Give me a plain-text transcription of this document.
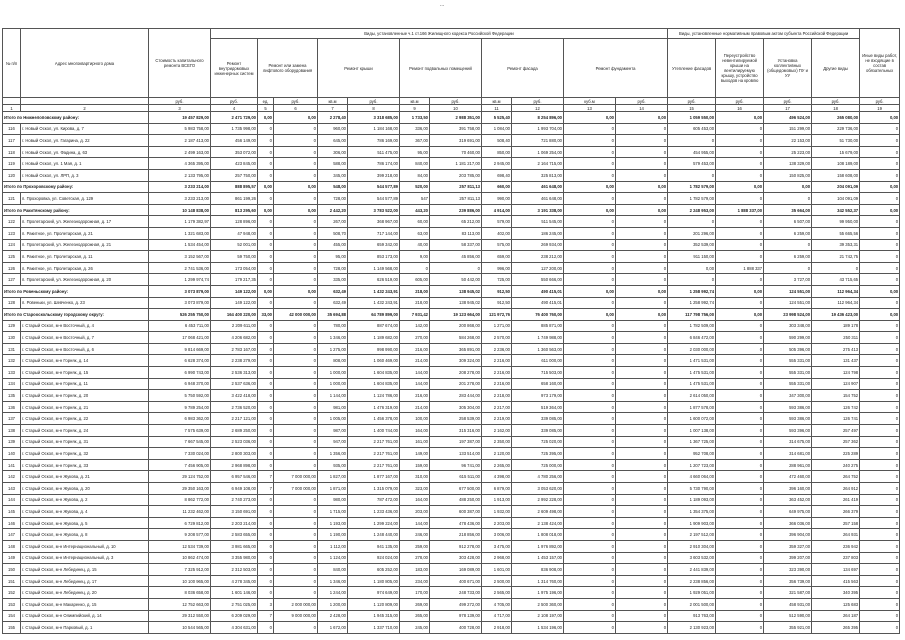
...
№ п/п	Адрес многоквартирного дома	Стоимость капитального ремонта ВСЕГО	Виды, установленные ч.1 ст.166 Жилищного кодекса Российской Федерации											Виды, установленные нормативным правовым актом субъекта Российской Федерации				Иные виды работ, не входящие в состав обязательных
			Ремонт внутридомовых инженерных систем	Ремонт или замена лифтового оборудования		Ремонт крыши		Ремонт подвальных помещений		Ремонт фасада		Ремонт фундамента		Утепление фасадов	Переустройство невентилируемой крыши на вентилируемую крышу, устройство выходов на кровлю	Установка коллективных (общедомовых) ПУ и УУ	Другие виды	
		руб.	руб.	ед.	руб.	кв.м	руб.	кв.м	руб.	кв.м	руб.	куб.м	руб.	руб.	руб.	руб.	руб.	руб.
1	2	3	4	5	6	7	8	9	10	11	12	13	14	15	16	17	18	19
Итого по Нижнелоповскому району:		19 457 829,00	2 471 729,00	0,00	0,00	2 278,40	3 318 685,00	1 733,50	2 988 351,00	5 525,40	8 254 896,00	0,00	0,00	1 059 550,00	0,00	496 524,00	265 080,00	0,00
116	г. Новый Оскол, ул. Кирова, д. 7	5 983 758,00	1 735 998,00	0	0	960,00	1 184 168,00	336,00	391 758,00	1 084,00	1 993 704,00	0	0	605 453,00	0	151 299,00	229 736,00	0
117	г. Новый Оскол, ул. Гагарина, д. 22	2 187 413,00	456 149,00	0	0	645,00	786 169,00	367,00	319 691,00	508,40	721 880,00	0	0	0	0	22 153,00	51 730,00	0
118	г. Новый Оскол, ул. Фадина, д. 63	2 499 163,00	353 072,00	0	0	306,00	511 475,00	95,00	70 460,00	850,00	1 069 254,00	0	0	454 955,00	0	25 223,00	15 679,00	0
119	г. Новый Оскол, ул. 1 Мая, д. 1	4 365 395,00	423 845,00	0	0	588,00	786 174,00	840,00	1 181 217,00	2 945,00	2 164 715,00	0	0	579 453,00	0	138 329,00	108 189,00	0
120	г. Новый Оскол, ул. ЛРП, д. 3	2 133 795,00	257 750,00	0	0	345,00	399 218,00	84,00	203 785,00	698,40	325 813,00	0	0	0	0	150 825,00	158 608,00	0
Итого по Прохоровскому району:		3 233 214,00	888 895,57	0,00	0,00	548,00	544 577,89	520,00	257 811,13	660,00	461 648,00	0,00	0,00	1 782 579,00	0,00	0,00	204 091,09	0,00
121	п. Прохоровка, ул. Советская, д. 129	3 233 213,00	861 199,26	0	0	728,00	544 577,89	547	257 811,13	990,00	461 648,00	0	0	1 782 579,00	0	0	104 091,09	0
Итого по Ракитянскому району:		10 148 838,00	813 295,60	0,00	0,00	2 442,20	3 783 522,00	443,20	239 886,00	4 914,00	3 191 338,00	0,00	0,00	2 248 953,00	1 888 337,00	35 664,00	342 552,37	0,00
122	п. Пролетарский, ул. Железнодорожная, д. 17	1 179 382,97	128 896,00	0	0	267,00	368 967,00	60,00	65 212,00	579,00	511 545,00	0	0	0	0	6 507,00	99 950,00	0
123	п. Ракитное, ул. Пролетарская, д. 21	1 321 683,00	47 948,00	0	0	508,70	717 144,00	63,00	83 113,00	402,00	186 245,00	0	0	201 296,00	0	6 259,00	55 665,56	0
124	п. Пролетарский, ул. Железнодорожная, д. 21	1 534 454,00	52 001,00	0	0	455,00	659 342,00	40,00	58 337,00	575,00	269 934,00	0	0	352 539,00	0	0	39 353,31	0
125	п. Ракитное, ул. Пролетарская, д. 11	3 152 567,00	59 750,00	0	0	95,00	853 173,00	9,00	45 856,00	659,00	238 212,00	0	0	911 150,00	0	6 259,00	21 742,75	0
126	п. Ракитное, ул. Пролетарская, д. 26	2 741 536,00	173 054,00	0	0	728,00	1 149 568,00	0	0	996,00	127 200,00	0	0	0,00	1 888 337	0	0	0
127	п. Пролетарский, ул. Железнодорожная, д. 20	1 299 974,74	179 217,35	0	0	335,00	626 519,00	605,00	50 442,00	725,00	550 666,00	0	0	0	0	3 727,00	43 715,65	0
Итого по Ровеньскому району:		3 073 879,00	149 122,00	0,00	0,00	632,49	1 432 243,91	218,00	138 945,02	912,50	490 415,01	0,00	0,00	1 258 992,74	0,00	124 551,00	112 964,34	0,00
128	п. Ровеньки, ул. Шевченко, д. 23	3 073 879,00	149 122,00	0	0	632,49	1 432 243,91	218,00	138 945,02	912,50	490 415,01	0	0	1 258 992,74	0	124 551,00	112 964,34	0
Итого по Старооскольскому городскому округу:		526 255 750,00	164 400 220,00	33,00	42 000 000,00	35 694,88	64 789 899,00	7 931,42	19 123 664,00	121 972,76	76 400 760,00	0,00	0,00	117 798 756,00	0,00	23 998 524,00	19 436 423,00	0,00
129	г. Старый Оскол, м-н Восточный, д. 4	6 453 711,00	2 209 611,00	0	0	780,00	887 674,00	142,00	200 868,00	1 271,00	885 871,00	0	0	1 782 509,00	0	303 348,00	189 178	0
130	г. Старый Оскол, м-н Восточный, д. 7	17 068 421,00	4 206 682,00	0	0	1 346,00	1 189 682,00	270,00	584 268,00	2 570,00	1 749 988,00	0	0	6 846 472,00	0	590 299,00	250 311	0
131	г. Старый Оскол, м-н Восточный, д. 6	9 814 669,00	2 783 167,00	0	0	1 275,00	998 990,00	216,00	365 891,00	2 236,00	1 360 563,00	0	0	2 030 000,00	0	505 396,00	275 413	0
132	г. Старый Оскол, м-н Горняк, д. 14	6 628 374,00	2 238 279,00	0	0	808,00	1 060 469,00	214,00	309 324,00	2 216,00	611 000,00	0	0	1 471 531,00	0	555 331,00	131 437	0
133	г. Старый Оскол, м-н Горняк, д. 15	6 990 743,00	2 536 313,00	0	0	1 000,00	1 604 835,00	144,00	208 278,00	2 216,00	715 503,00	0	0	1 475 531,00	0	555 331,00	124 798	0
134	г. Старый Оскол, м-н Горняк, д. 11	6 948 370,00	2 537 636,00	0	0	1 000,00	1 604 835,00	144,00	201 278,00	2 216,00	658 160,00	0	0	1 475 531,00	0	555 331,00	124 907	0
135	г. Старый Оскол, м-н Горняк, д. 20	5 750 592,00	3 422 418,00	0	0	1 144,00	1 124 786,00	216,00	283 444,00	2 218,00	973 179,00	0	0	2 614 050,00	0	347 300,00	154 752	0
136	г. Старый Оскол, м-н Горняк, д. 21	9 789 254,00	2 736 520,00	0	0	981,00	1 476 319,00	214,00	305 304,00	2 217,00	519 364,00	0	0	1 877 578,00	0	593 386,00	126 742	0
137	г. Старый Оскол, м-н Горняк, д. 22	6 983 362,00	2 217 121,00	0	0	1 005,00	1 456 378,00	100,00	258 539,00	2 219,00	339 085,00	0	0	1 600 072,00	0	593 386,00	126 741	0
138	г. Старый Оскол, м-н Горняк, д. 24	7 575 639,00	2 689 250,00	0	0	987,00	1 400 744,00	164,00	315 316,00	2 162,00	339 085,00	0	0	1 007 138,00	0	593 396,00	257 497	0
139	г. Старый Оскол, м-н Горняк, д. 31	7 667 545,00	2 523 036,00	0	0	947,00	2 217 761,00	161,00	197 387,00	2 350,00	725 020,00	0	0	1 367 725,00	0	314 675,00	257 362	0
140	г. Старый Оскол, м-н Горняк, д. 32	7 330 024,00	2 800 303,00	0	0	1 356,00	2 217 761,00	149,00	133 514,00	2 120,00	725 395,00	0	0	952 708,00	0	314 681,00	225 289	0
141	г. Старый Оскол, м-н Горняк, д. 33	7 456 905,00	2 968 898,00	0	0	935,00	2 217 761,00	159,00	96 741,00	2 265,00	725 000,00	0	0	1 207 723,00	0	288 961,00	240 275	0
142	г. Старый Оскол, м-н Жукова, д. 21	29 124 752,00	6 957 546,00	7	7 000 000,00	1 827,00	1 877 167,00	310,00	615 511,00	4 398,00	4 780 256,00	0	0	4 660 064,00	0	472 460,00	264 752	0
143	г. Старый Оскол, м-н Жукова, д. 20	29 350 163,00	6 949 108,00	7	7 000 000,00	1 871,00	1 315 079,00	323,00	677 500,00	6 879,00	3 053 620,00	0	0	5 730 790,00	0	396 160,00	264 912	0
144	г. Старый Оскол, м-н Жукова, д. 2	8 862 772,00	2 740 273,00	0	0	980,00	787 472,00	164,00	488 250,00	1 913,00	2 992 228,00	0	0	1 189 093,00	0	363 452,00	261 419	0
145	г. Старый Оскол, м-н Жукова, д. 4	11 232 462,00	3 150 691,00	0	0	1 715,00	1 233 436,00	203,00	600 387,00	1 932,00	2 609 498,00	0	0	1 354 375,00	0	649 975,00	266 379	0
146	г. Старый Оскол, м-н Жукова, д. 5	6 729 812,00	2 203 214,00	0	0	1 193,00	1 299 224,00	144,00	478 436,00	2 203,00	2 138 424,00	0	0	1 909 903,00	0	366 036,00	257 158	0
147	г. Старый Оскол, м-н Жукова, д. 8	9 208 577,00	2 583 655,00	0	0	1 190,00	1 248 440,00	246,00	218 856,00	3 006,00	1 808 018,00	0	0	2 197 512,00	0	396 904,00	264 931	0
148	г. Старый Оскол, м-н Интернациональный, д. 10	12 534 739,00	3 981 665,00	0	0	1 112,00	941 135,00	259,00	912 278,00	3 475,00	1 976 892,00	0	0	2 910 304,00	0	359 327,00	236 942	0
149	г. Старый Оскол, м-н Интернациональный, д. 3	10 862 474,00	3 355 980,00	0	0	1 124,00	924 024,00	278,00	303 428,00	2 968,00	1 453 157,00	0	0	3 603 532,00	0	399 207,00	237 803	0
150	г. Старый Оскол, м-н Лебединец, д. 15	7 325 912,00	2 312 503,00	0	0	840,00	605 252,00	183,00	169 089,00	1 601,00	836 908,00	0	0	2 441 839,00	0	323 390,00	134 697	0
151	г. Старый Оскол, м-н Лебединец, д. 17	10 100 965,00	4 278 345,00	0	0	1 346,00	1 180 805,00	234,00	400 671,00	2 500,00	1 314 760,00	0	0	2 238 856,00	0	356 739,00	415 563	0
152	г. Старый Оскол, м-н Лебединец, д. 20	8 036 658,00	1 601 146,00	0	0	1 244,00	974 649,00	170,00	248 733,00	2 565,00	1 975 196,00	0	0	1 929 051,00	0	321 587,00	340 395	0
153	г. Старый Оскол, м-н Макаренко, д. 15	12 752 663,00	2 751 025,00	3	2 000 000,00	1 200,00	1 120 809,00	269,00	499 272,00	4 705,00	2 500 360,00	0	0	2 001 500,00	0	458 931,00	125 683	0
154	г. Старый Оскол, м-н Олимпийский, д. 14	29 312 550,00	6 209 029,00	7	9 000 000,00	2 428,00	1 945 315,00	265,00	978 139,00	4 717,00	2 108 197,00	0	0	913 763,00	0	512 590,00	264 187	0
155	г. Старый Оскол, м-н Парковый, д. 1	10 544 565,00	4 304 631,00	0	0	1 672,00	1 337 710,00	245,00	400 728,00	2 918,00	1 534 196,00	0	0	2 130 923,00	0	355 921,00	265 395	0
